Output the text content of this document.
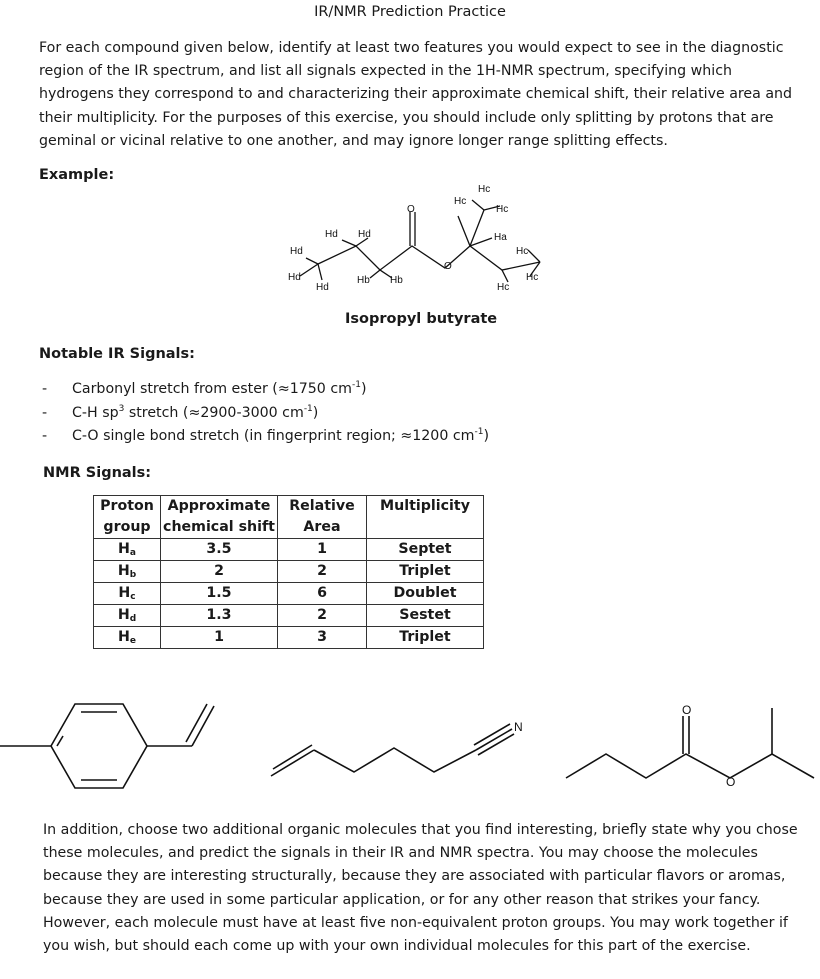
IR/NMR Prediction Practice
For each compound given below, identify at least two features you would expect to see in the diagnostic region of the IR spectrum, and list all signals expected in the 1H-NMR spectrum, specifying which hydrogens they correspond to and characterizing their approximate chemical shift, their relative area and their multiplicity. For the purposes of this exercise, you should include only splitting by protons that are geminal or vicinal relative to one another, and may ignore longer range splitting effects.
Example:
O
O
Hc
Hc
Hc
Ha
Hc
Hc
Hc
Hd Hd
Hd
Hd
Hd
Hb Hb
Isopropyl butyrate
Notable IR Signals:
- Carbonyl stretch from ester (≈1750 $cm^{-1}$)
- C-H $sp^3$ stretch (≈2900-3000 $cm^{-1}$)
- C-O single bond stretch (in fingerprint region; ≈1200 $cm^{-1}$)
NMR Signals:
Proton	Approximate	Relative	Multiplicity
group	chemical shift	Area	
$H_a$	3.5	1	Septet
$H_b$	2	2	Triplet
$H_c$	1.5	6	Doublet
$H_d$	1.3	2	Sestet
$H_e$	1	3	Triplet
N
O
O
In addition, choose two additional organic molecules that you find interesting, briefly state why you chose these molecules, and predict the signals in their IR and NMR spectra. You may choose the molecules because they are interesting structurally, because they are associated with particular flavors or aromas, because they are used in some particular application, or for any other reason that strikes your fancy. However, each molecule must have at least five non-equivalent proton groups. You may work together if you wish, but should each come up with your own individual molecules for this part of the exercise.
